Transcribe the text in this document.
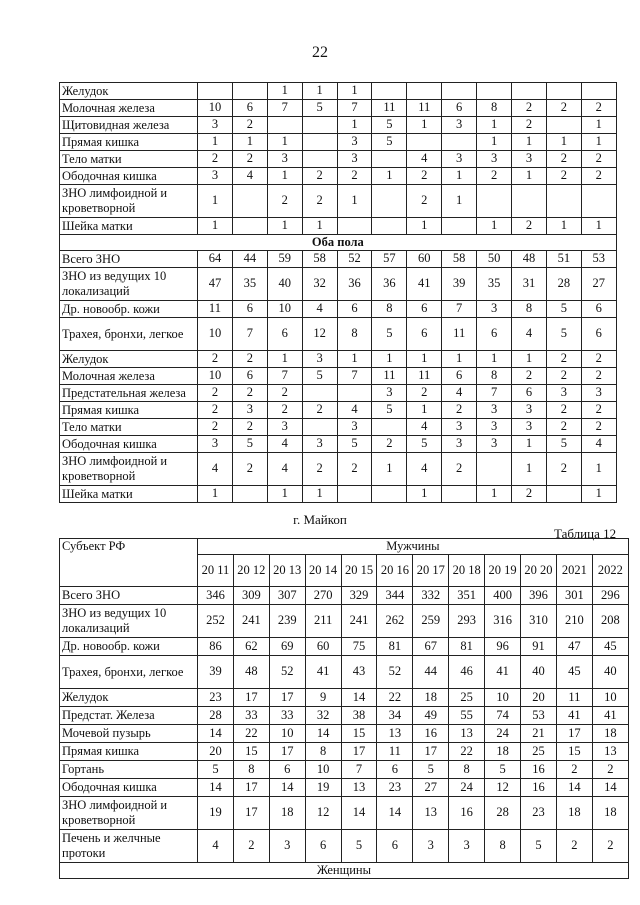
22
Желудок			1	1	1							
Молочная железа	10	6	7	5	7	11	11	6	8	2	2	2
Щитовидная железа	3	2			1	5	1	3	1	2		1
Прямая кишка	1	1	1		3	5			1	1	1	1
Тело матки	2	2	3		3		4	3	3	3	2	2
Ободочная кишка	3	4	1	2	2	1	2	1	2	1	2	2
ЗНО лимфоидной и кроветворной	1		2	2	1		2	1				
Шейка матки	1		1	1			1		1	2	1	1
Оба пола												
Всего ЗНО	64	44	59	58	52	57	60	58	50	48	51	53
ЗНО из ведущих 10 локализаций	47	35	40	32	36	36	41	39	35	31	28	27
Др. новообр. кожи	11	6	10	4	6	8	6	7	3	8	5	6
Трахея, бронхи, легкое	10	7	6	12	8	5	6	11	6	4	5	6
Желудок	2	2	1	3	1	1	1	1	1	1	2	2
Молочная железа	10	6	7	5	7	11	11	6	8	2	2	2
Предстательная железа	2	2	2			3	2	4	7	6	3	3
Прямая кишка	2	3	2	2	4	5	1	2	3	3	2	2
Тело матки	2	2	3		3		4	3	3	3	2	2
Ободочная кишка	3	5	4	3	5	2	5	3	3	1	5	4
ЗНО лимфоидной и кроветворной	4	2	4	2	2	1	4	2		1	2	1
Шейка матки	1		1	1			1		1	2		1
г. Майкоп
Таблица 12
Субъект РФ	Мужчины											
	20 11	20 12	20 13	20 14	20 15	20 16	20 17	20 18	20 19	20 20	2021	2022
Всего ЗНО	346	309	307	270	329	344	332	351	400	396	301	296
ЗНО из ведущих 10 локализаций	252	241	239	211	241	262	259	293	316	310	210	208
Др. новообр. кожи	86	62	69	60	75	81	67	81	96	91	47	45
Трахея, бронхи, легкое	39	48	52	41	43	52	44	46	41	40	45	40
Желудок	23	17	17	9	14	22	18	25	10	20	11	10
Предстат. Железа	28	33	33	32	38	34	49	55	74	53	41	41
Мочевой пузырь	14	22	10	14	15	13	16	13	24	21	17	18
Прямая кишка	20	15	17	8	17	11	17	22	18	25	15	13
Гортань	5	8	6	10	7	6	5	8	5	16	2	2
Ободочная кишка	14	17	14	19	13	23	27	24	12	16	14	14
ЗНО лимфоидной и кроветворной	19	17	18	12	14	14	13	16	28	23	18	18
Печень и желчные протоки	4	2	3	6	5	6	3	3	8	5	2	2
Женщины												
